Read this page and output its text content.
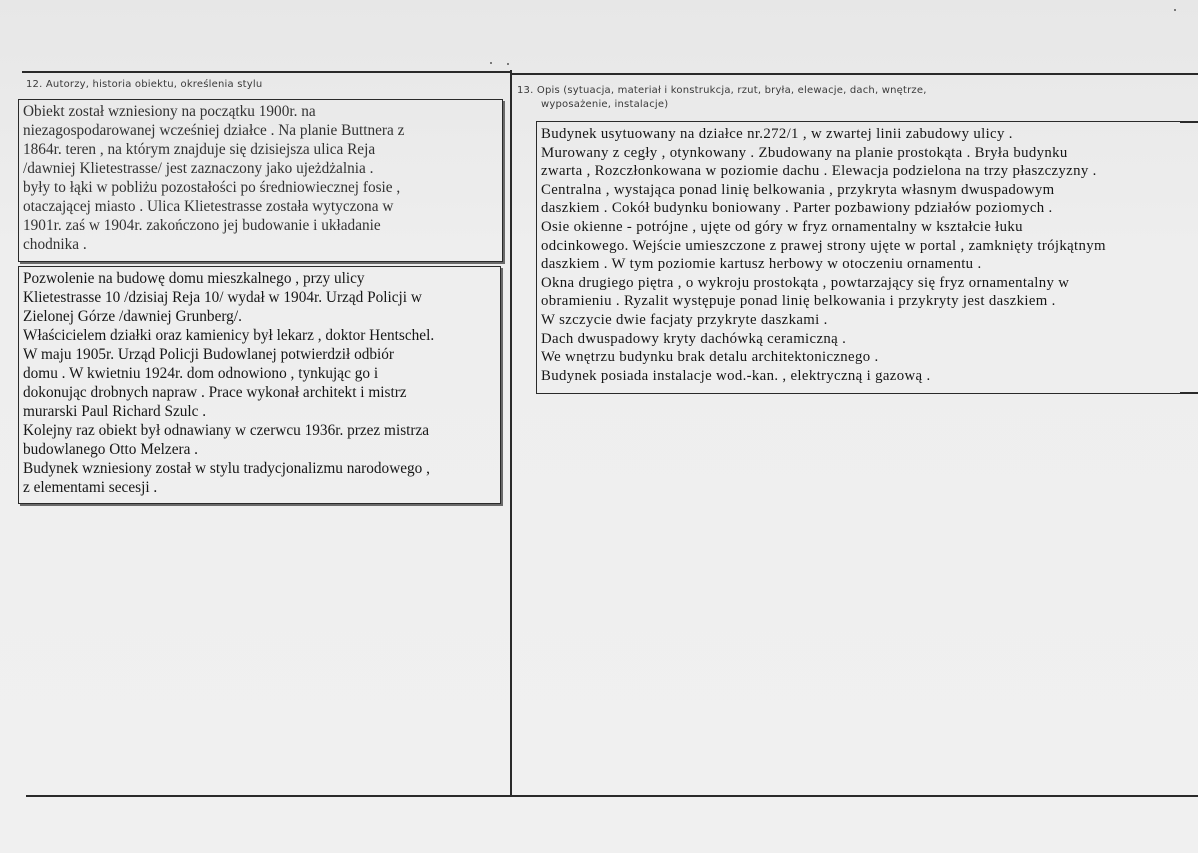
12. Autorzy, historia obiektu, określenia stylu
Obiekt został wzniesiony na początku 1900r. na
niezagospodarowanej wcześniej działce . Na planie Buttnera z
1864r. teren , na którym znajduje się dzisiejsza ulica Reja
/dawniej Klietestrasse/ jest zaznaczony jako ujeżdżalnia .
były to łąki w pobliżu pozostałości po średniowiecznej fosie ,
otaczającej miasto . Ulica Klietestrasse została wytyczona w
1901r. zaś w 1904r. zakończono jej budowanie i układanie
chodnika .
Pozwolenie na budowę domu mieszkalnego , przy ulicy
Klietestrasse 10 /dzisiaj Reja 10/ wydał w 1904r. Urząd Policji w
Zielonej Górze /dawniej Grunberg/.
Właścicielem działki oraz kamienicy był lekarz , doktor Hentschel.
W maju 1905r. Urząd Policji Budowlanej potwierdził odbiór
domu . W kwietniu 1924r. dom odnowiono , tynkując go i
dokonując drobnych napraw . Prace wykonał architekt i mistrz
murarski Paul Richard Szulc .
Kolejny raz obiekt był odnawiany w czerwcu 1936r. przez mistrza
budowlanego Otto Melzera .
Budynek wzniesiony został w stylu tradycjonalizmu narodowego ,
z elementami secesji .
13. Opis (sytuacja, materiał i konstrukcja, rzut, bryła, elewacje, dach, wnętrze,
wyposażenie, instalacje)
Budynek usytuowany na działce nr.272/1 , w zwartej linii zabudowy ulicy .
Murowany z cegły , otynkowany . Zbudowany na planie prostokąta . Bryła budynku
zwarta , Rozczłonkowana w poziomie dachu . Elewacja podzielona na trzy płaszczyzny .
Centralna , wystająca ponad linię belkowania , przykryta własnym dwuspadowym
daszkiem . Cokół budynku boniowany . Parter pozbawiony pdziałów poziomych .
Osie okienne - potrójne , ujęte od góry w fryz ornamentalny w kształcie łuku
odcinkowego. Wejście umieszczone z prawej strony ujęte w portal , zamknięty trójkątnym
daszkiem . W tym poziomie kartusz herbowy w otoczeniu ornamentu .
Okna drugiego piętra , o wykroju prostokąta , powtarzający się fryz ornamentalny w
obramieniu . Ryzalit występuje ponad linię belkowania i przykryty jest daszkiem .
W szczycie dwie facjaty przykryte daszkami .
Dach dwuspadowy kryty dachówką ceramiczną .
We wnętrzu budynku brak detalu architektonicznego .
Budynek posiada instalacje wod.-kan. , elektryczną i gazową .
